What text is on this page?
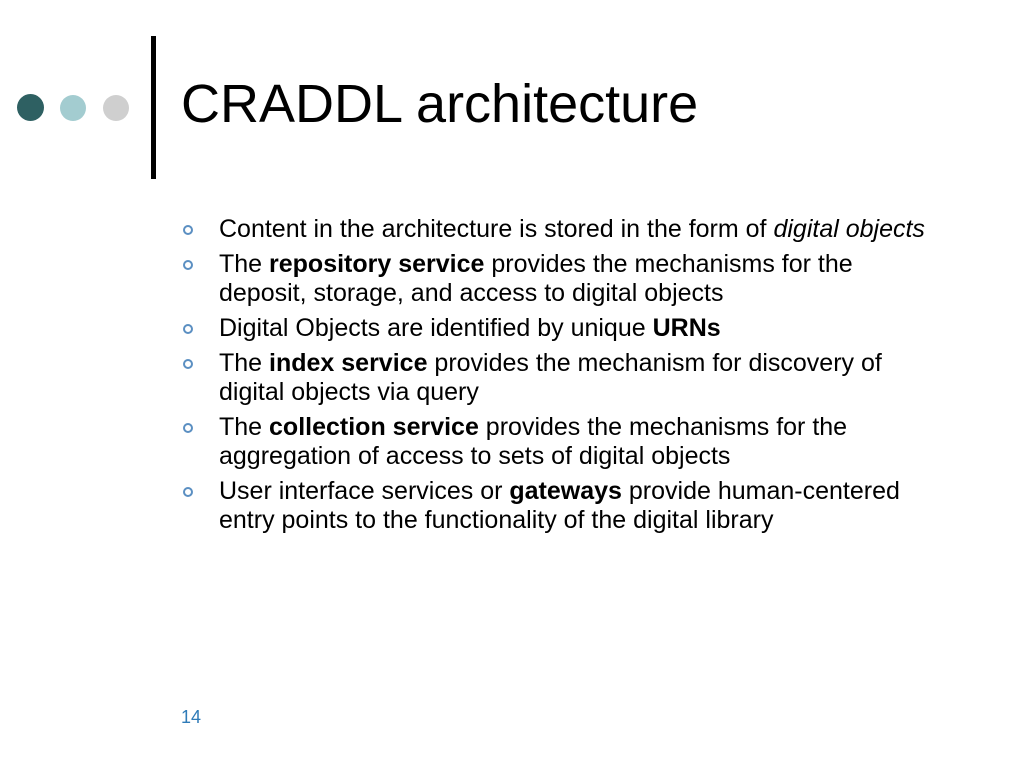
CRADDL architecture
Content in the architecture is stored in the form of digital objects
The repository service provides the mechanisms for the deposit, storage, and access to digital objects
Digital Objects are identified by unique URNs
The index service provides the mechanism for discovery of digital objects via query
The collection service provides the mechanisms for the aggregation of access to sets of digital objects
User interface services or gateways provide human-centered entry points to the functionality of the digital library
14
